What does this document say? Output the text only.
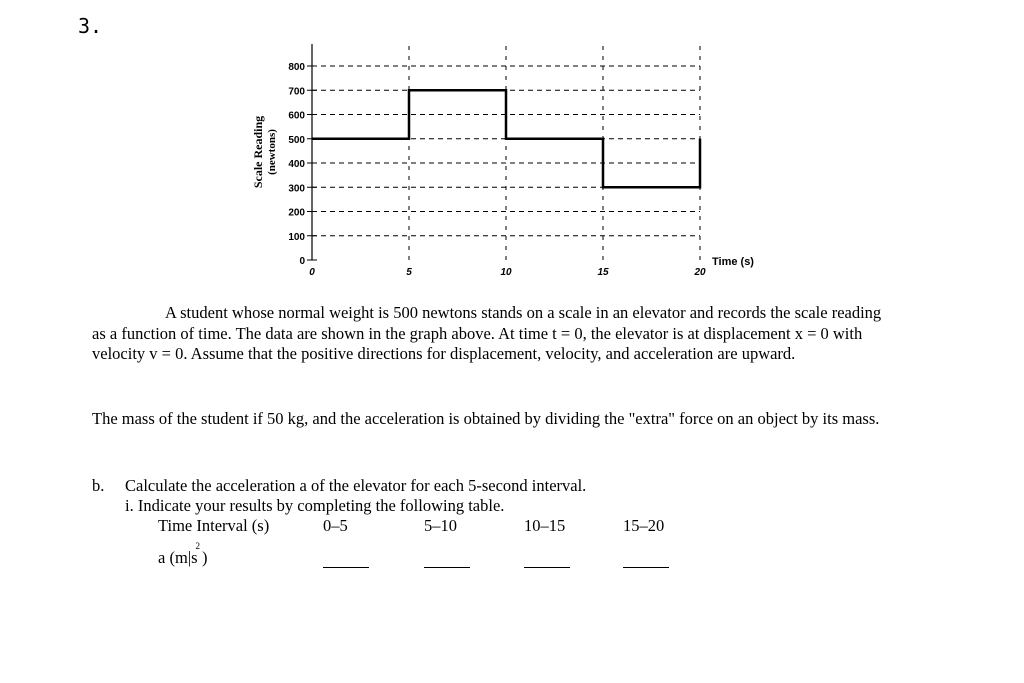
3.
800
700
600
500
400
300
200
100
0
0	5	10	15	20
Scale Reading (newtons)
Time (s)
A student whose normal weight is 500 newtons stands on a scale in an elevator and records the scale reading as a function of time. The data are shown in the graph above. At time t = 0, the elevator is at displacement x = 0 with velocity v = 0. Assume that the positive directions for displacement, velocity, and acceleration are upward.
The mass of the student if 50 kg, and the acceleration is obtained by dividing the "extra" force on an object by its mass.
b. Calculate the acceleration a of the elevator for each 5-second interval.
i. Indicate your results by completing the following table.
Time Interval (s)	0–5	5–10	10–15	15–20
a $(m|s^2)$
